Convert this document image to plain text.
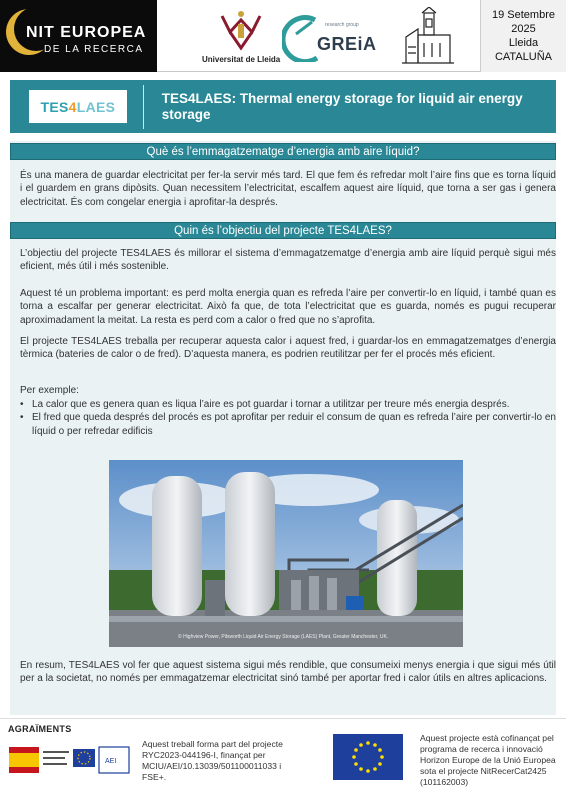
NIT EUROPEA
DE LA RECERCA
Universitat de Lleida
research group
GREiA
19 Setembre
2025
Lleida
CATALUÑA
TES 4 LAES
TES4LAES: Thermal energy storage for liquid air energy storage
Què és l’emmagatzematge d’energia amb aire líquid?
És una manera de guardar electricitat per fer-la servir més tard. El que fem és refredar molt l’aire fins que es torna líquid i el guardem en grans dipòsits. Quan necessitem l’electricitat, escalfem aquest aire líquid, que torna a ser gas i genera electricitat. És com congelar energia i aprofitar-la després.
Quin és l’objectiu del projecte TES4LAES?
L’objectiu del projecte TES4LAES és millorar el sistema d’emmagatzematge d’energia amb aire líquid perquè sigui més eficient, més útil i més sostenible.
Aquest té un problema important: es perd molta energia quan es refreda l’aire per convertir-lo en líquid, i també quan es torna a escalfar per generar electricitat. Això fa que, de tota l’electricitat que es guarda, només es pugui recuperar aproximadament la meitat. La resta es perd com a calor o fred que no s’aprofita.
El projecte TES4LAES treballa per recuperar aquesta calor i aquest fred, i guardar-los en emmagatzematges d’energia tèrmica (bateries de calor o de fred). D’aquesta manera, es podrien reutilitzar per fer el procés més eficient.
Per exemple:
• La calor que es genera quan es liqua l’aire es pot guardar i tornar a utilitzar per treure més energia després.
• El fred que queda després del procés es pot aprofitar per reduir el consum de quan es refreda l’aire per convertir-lo en líquid o per refredar edificis
© Highview Power, Pilsworth Liquid Air Energy Storage (LAES) Plant, Greater Manchester, UK.
En resum, TES4LAES vol fer que aquest sistema sigui més rendible, que consumeixi menys energia i que sigui més útil per a la societat, no només per emmagatzemar electricitat sinó també per aportar fred i calor útils en altres aplicacions.
AGRAÏMENTS
AEI
Aquest treball forma part del projecte RYC2023-044196-I, finançat per MCIU/AEI/10.13039/501100011033 i FSE+.
Aquest projecte està cofinançat pel programa de recerca i innovació Horizon Europe de la Unió Europea sota el projecte NitRecerCat2425 (101162003)
